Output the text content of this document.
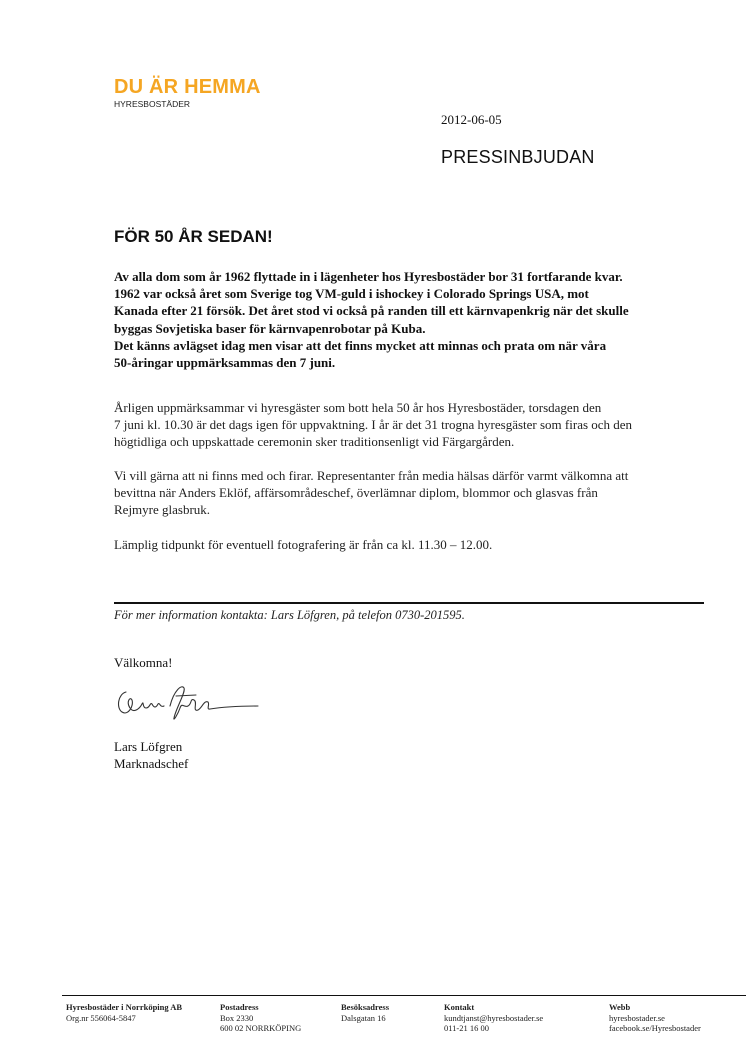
DU ÄR HEMMA
HYRESBOSTÄDER
2012-06-05
PRESSINBJUDAN
FÖR 50 ÅR SEDAN!
Av alla dom som år 1962 flyttade in i lägenheter hos Hyresbostäder bor 31 fortfarande kvar.
1962 var också året som Sverige tog VM-guld i ishockey i Colorado Springs USA, mot
Kanada efter 21 försök. Det året stod vi också på randen till ett kärnvapenkrig när det skulle
byggas Sovjetiska baser för kärnvapenrobotar på Kuba.
Det känns avlägset idag men visar att det finns mycket att minnas och prata om när våra
50-åringar uppmärksammas den 7 juni.
Årligen uppmärksammar vi hyresgäster som bott hela 50 år hos Hyresbostäder, torsdagen den
7 juni kl. 10.30 är det dags igen för uppvaktning. I år är det 31 trogna hyresgäster som firas och den
högtidliga och uppskattade ceremonin sker traditionsenligt vid Färgargården.
Vi vill gärna att ni finns med och firar. Representanter från media hälsas därför varmt välkomna att
bevittna när Anders Eklöf, affärsområdeschef, överlämnar diplom, blommor och glasvas från
Rejmyre glasbruk.
Lämplig tidpunkt för eventuell fotografering är från ca kl. 11.30 – 12.00.
För mer information kontakta: Lars Löfgren, på telefon 0730-201595.
Välkomna!
Lars Löfgren
Marknadschef
Hyresbostäder i Norrköping AB
Org.nr 556064-5847
Postadress
Box 2330
600 02 NORRKÖPING
Besöksadress
Dalsgatan 16
Kontakt
kundtjanst@hyresbostader.se
011-21 16 00
Webb
hyresbostader.se
facebook.se/Hyresbostader
